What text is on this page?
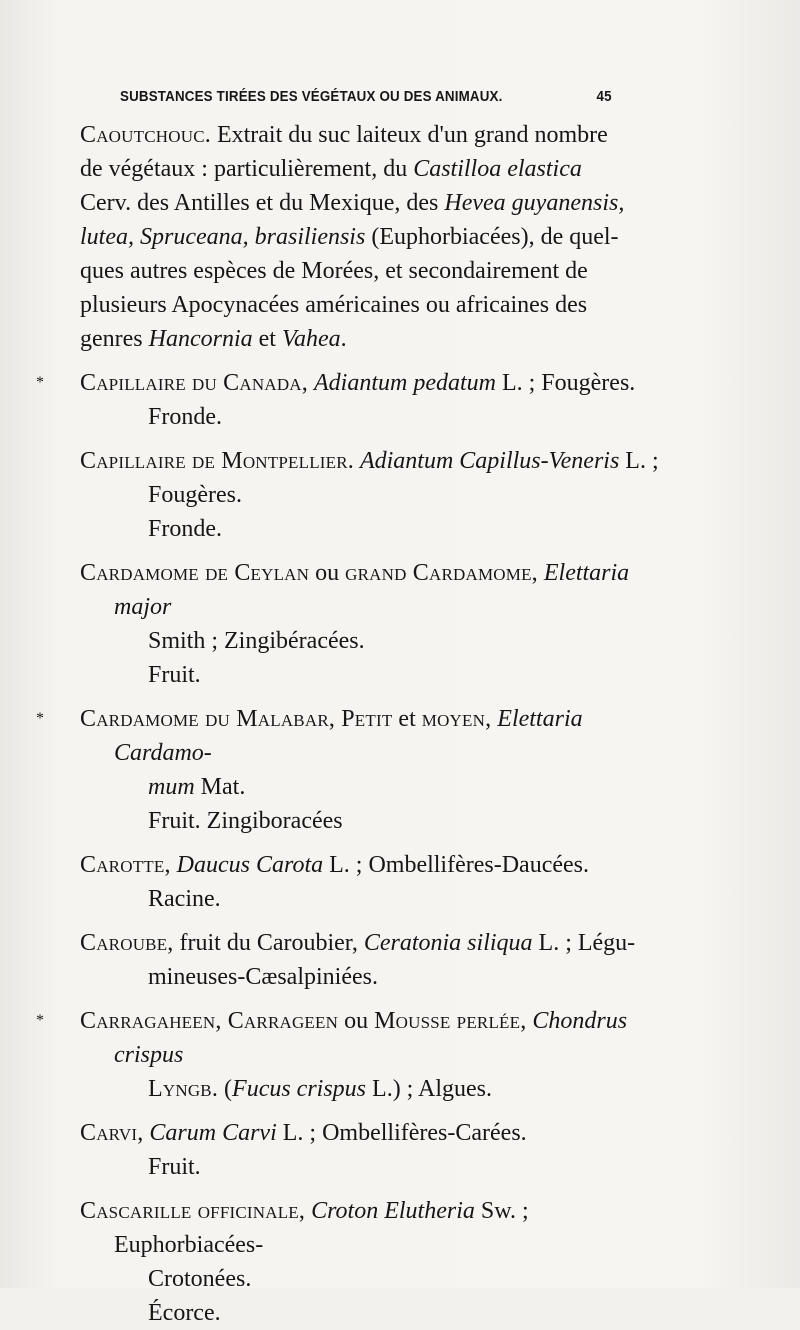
SUBSTANCES TIRÉES DES VÉGÉTAUX OU DES ANIMAUX.	45
Caoutchouc. Extrait du suc laiteux d'un grand nombre
de végétaux : particulièrement, du Castilloa elastica
Cerv. des Antilles et du Mexique, des Hevea guyanensis,
lutea, Spruceana, brasiliensis (Euphorbiacées), de quel-
ques autres espèces de Morées, et secondairement de
plusieurs Apocynacées américaines ou africaines des
genres Hancornia et Vahea.
*	Capillaire du Canada, Adiantum pedatum L. ; Fougères.
Fronde.
Capillaire de Montpellier. Adiantum Capillus-Veneris L. ;
Fougères.
Fronde.
Cardamome de Ceylan ou grand Cardamome, Elettaria major
Smith ; Zingibéracées.
Fruit.
*	Cardamome du Malabar, Petit et moyen, Elettaria Cardamo-
mum Mat.
Fruit. Zingiboracées
Carotte, Daucus Carota L. ; Ombellifères-Daucées.
Racine.
Caroube, fruit du Caroubier, Ceratonia siliqua L. ; Légu-
mineuses-Cæsalpiniées.
*	Carragaheen, Carrageen ou Mousse perlée, Chondrus crispus
Lyngb. (Fucus crispus L.) ; Algues.
Carvi, Carum Carvi L. ; Ombellifères-Carées.
Fruit.
Cascarille officinale, Croton Elutheria Sw. ; Euphorbiacées-
Crotonées.
Écorce.
